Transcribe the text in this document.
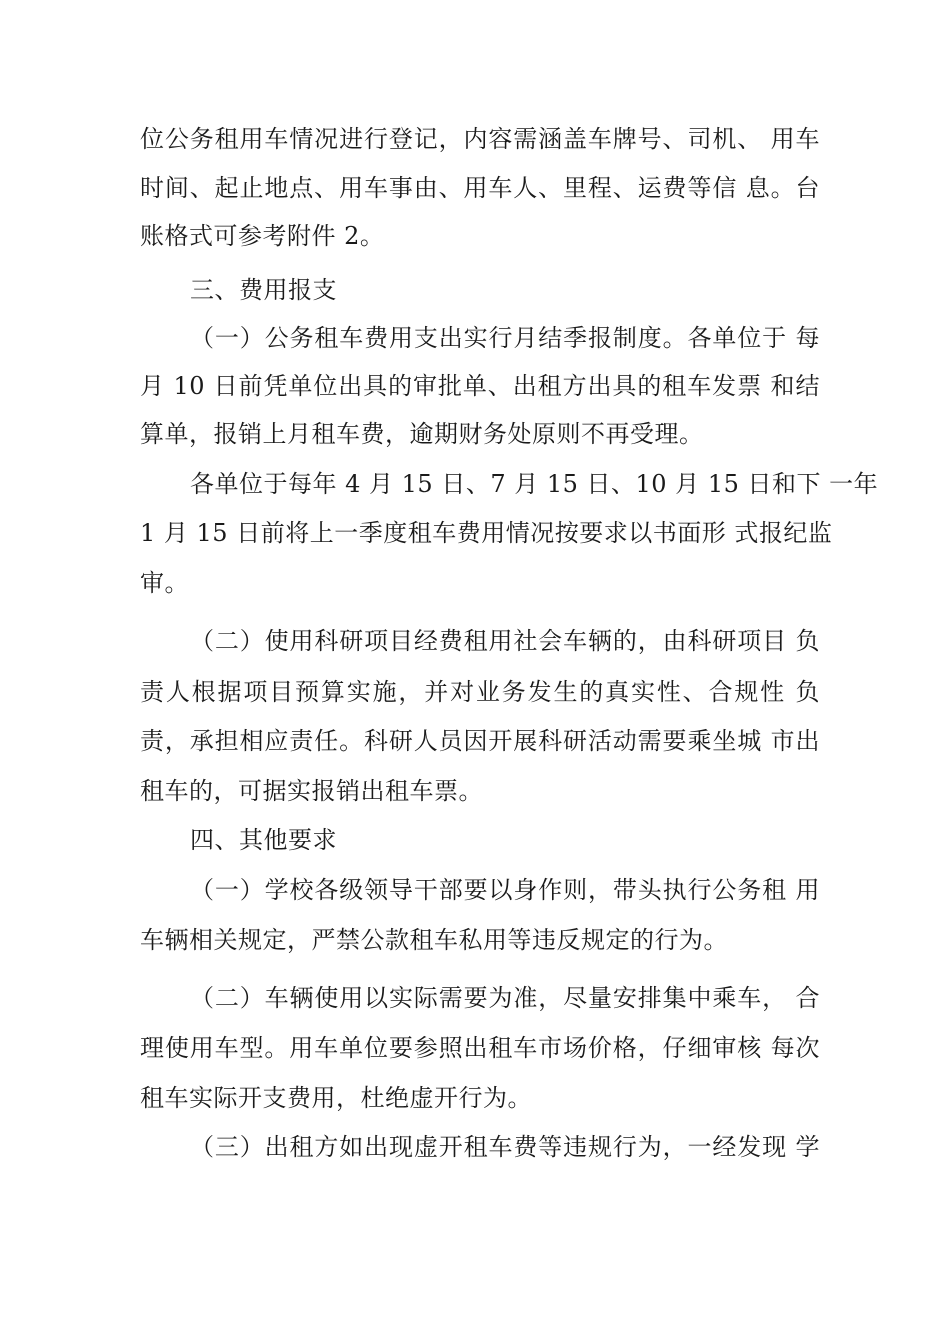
位公务租用车情况进行登记，内容需涵盖车牌号、司机、 用车
时间、起止地点、用车事由、用车人、里程、运费等信 息。台
账格式可参考附件 2。
三、费用报支
（一）公务租车费用支出实行月结季报制度。各单位于 每
月 10 日前凭单位出具的审批单、出租方出具的租车发票 和结
算单，报销上月租车费，逾期财务处原则不再受理。
各单位于每年 4 月 15 日、7 月 15 日、10 月 15 日和下 一年
1 月 15 日前将上一季度租车费用情况按要求以书面形 式报纪监
审。
（二）使用科研项目经费租用社会车辆的，由科研项目 负
责人根据项目预算实施，并对业务发生的真实性、合规性 负
责，承担相应责任。科研人员因开展科研活动需要乘坐城 市出
租车的，可据实报销出租车票。
四、其他要求
（一）学校各级领导干部要以身作则，带头执行公务租 用
车辆相关规定，严禁公款租车私用等违反规定的行为。
（二）车辆使用以实际需要为准，尽量安排集中乘车， 合
理使用车型。用车单位要参照出租车市场价格，仔细审核 每次
租车实际开支费用，杜绝虚开行为。
（三）出租方如出现虚开租车费等违规行为，一经发现 学
